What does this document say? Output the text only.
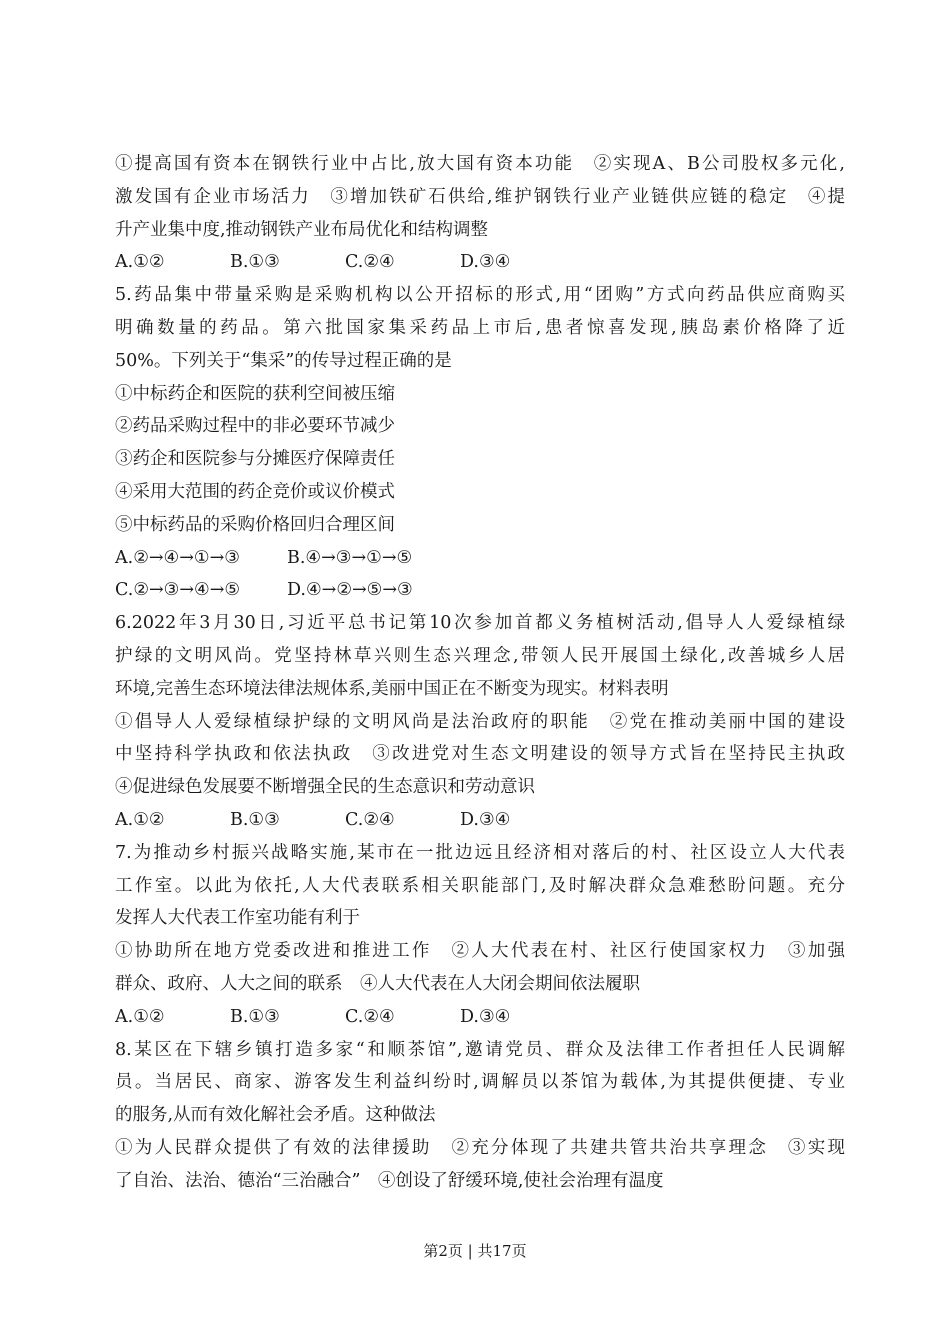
①提高国有资本在钢铁行业中占比,放大国有资本功能　②实现A、B公司股权多元化,
激发国有企业市场活力　③增加铁矿石供给,维护钢铁行业产业链供应链的稳定　④提
升产业集中度,推动钢铁产业布局优化和结构调整
A.①②	B.①③	C.②④	D.③④
5.药品集中带量采购是采购机构以公开招标的形式,用“团购”方式向药品供应商购买
明确数量的药品。第六批国家集采药品上市后,患者惊喜发现,胰岛素价格降了近
50%。下列关于“集采”的传导过程正确的是
①中标药企和医院的获利空间被压缩
②药品采购过程中的非必要环节减少
③药企和医院参与分摊医疗保障责任
④采用大范围的药企竞价或议价模式
⑤中标药品的采购价格回归合理区间
A.②→④→①→③	B.④→③→①→⑤
C.②→③→④→⑤	D.④→②→⑤→③
6.2022年3月30日,习近平总书记第10次参加首都义务植树活动,倡导人人爱绿植绿
护绿的文明风尚。党坚持林草兴则生态兴理念,带领人民开展国土绿化,改善城乡人居
环境,完善生态环境法律法规体系,美丽中国正在不断变为现实。材料表明
①倡导人人爱绿植绿护绿的文明风尚是法治政府的职能　②党在推动美丽中国的建设
中坚持科学执政和依法执政　③改进党对生态文明建设的领导方式旨在坚持民主执政
④促进绿色发展要不断增强全民的生态意识和劳动意识
A.①②	B.①③	C.②④	D.③④
7.为推动乡村振兴战略实施,某市在一批边远且经济相对落后的村、社区设立人大代表
工作室。以此为依托,人大代表联系相关职能部门,及时解决群众急难愁盼问题。充分
发挥人大代表工作室功能有利于
①协助所在地方党委改进和推进工作　②人大代表在村、社区行使国家权力　③加强
群众、政府、人大之间的联系　④人大代表在人大闭会期间依法履职
A.①②	B.①③	C.②④	D.③④
8.某区在下辖乡镇打造多家“和顺茶馆”,邀请党员、群众及法律工作者担任人民调解
员。当居民、商家、游客发生利益纠纷时,调解员以茶馆为载体,为其提供便捷、专业
的服务,从而有效化解社会矛盾。这种做法
①为人民群众提供了有效的法律援助　②充分体现了共建共管共治共享理念　③实现
了自治、法治、德治“三治融合”　④创设了舒缓环境,使社会治理有温度
第2页 | 共17页
